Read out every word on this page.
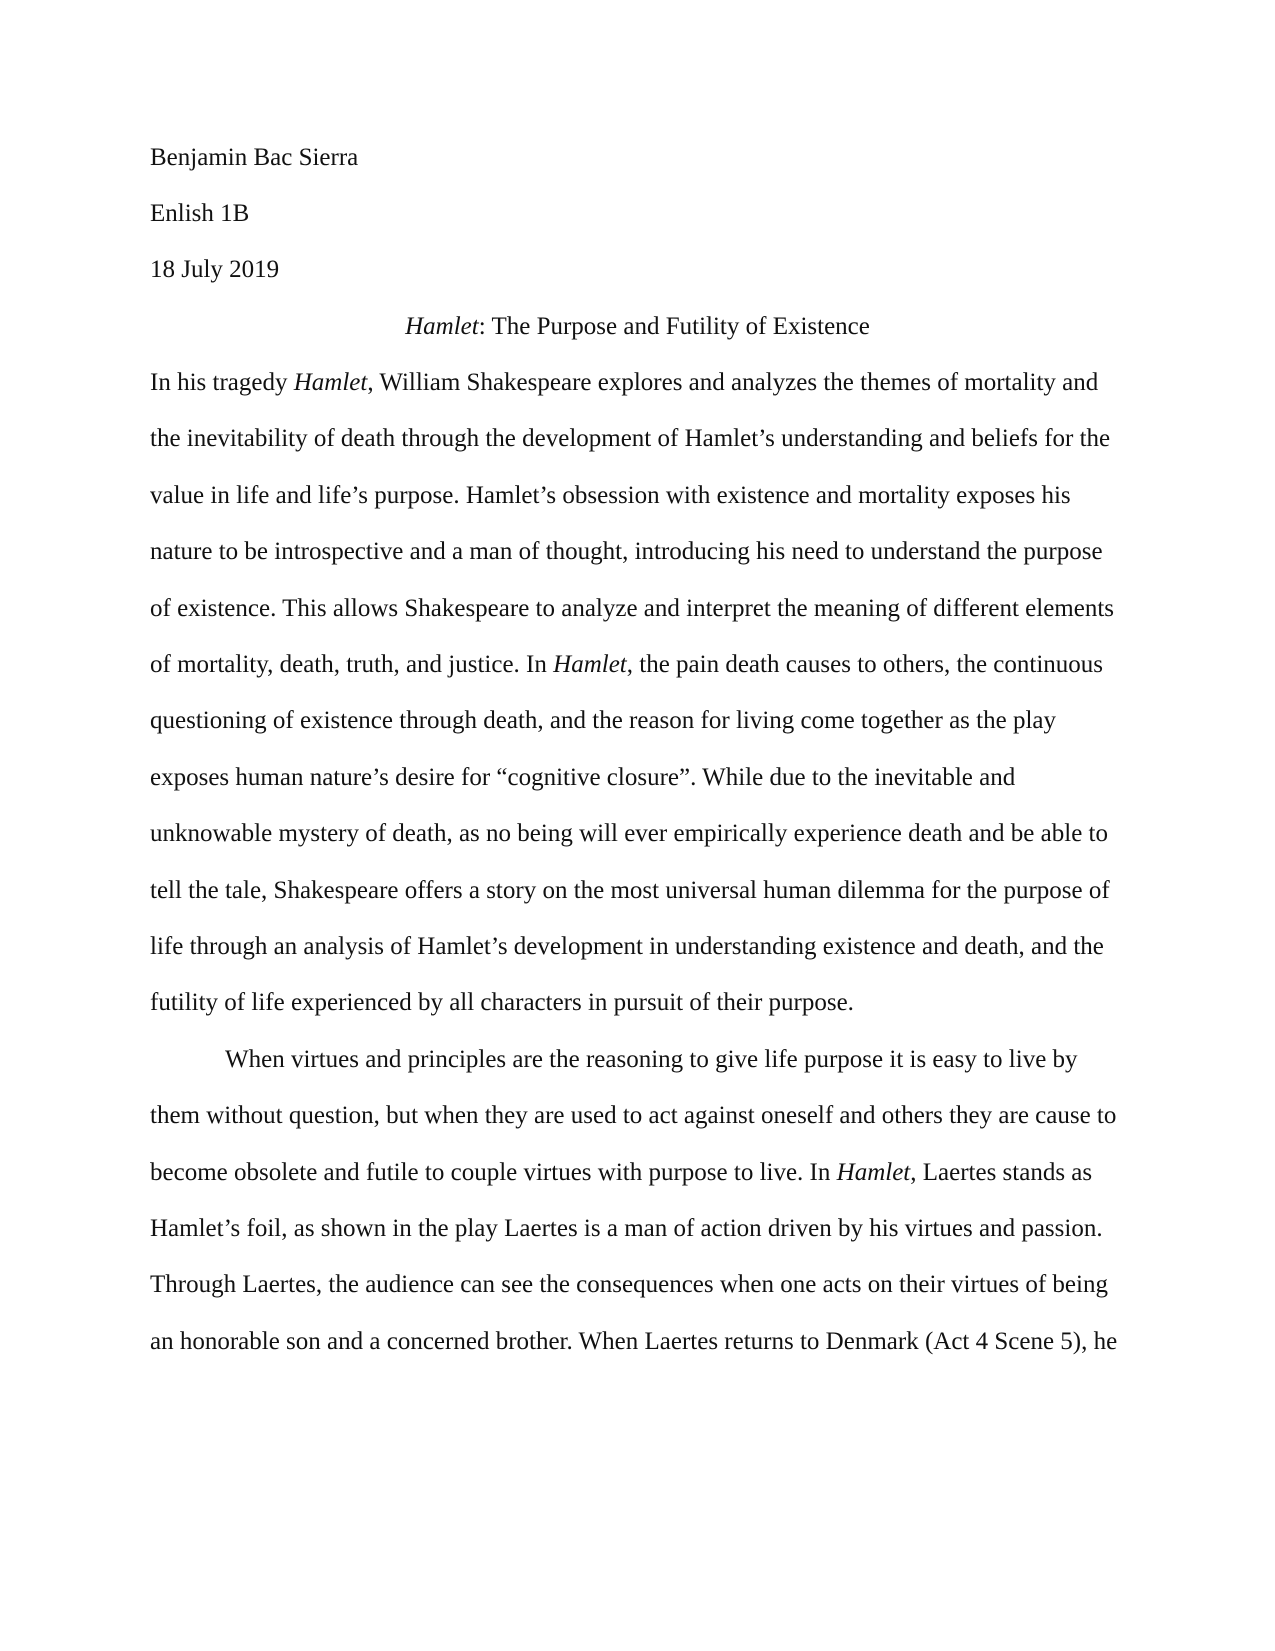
Benjamin Bac Sierra

Enlish 1B

18 July 2019

Hamlet: The Purpose and Futility of Existence

In his tragedy Hamlet, William Shakespeare explores and analyzes the themes of mortality and

the inevitability of death through the development of Hamlet’s understanding and beliefs for the

value in life and life’s purpose. Hamlet’s obsession with existence and mortality exposes his

nature to be introspective and a man of thought, introducing his need to understand the purpose

of existence. This allows Shakespeare to analyze and interpret the meaning of different elements

of mortality, death, truth, and justice. In Hamlet, the pain death causes to others, the continuous

questioning of existence through death, and the reason for living come together as the play

exposes human nature’s desire for “cognitive closure”. While due to the inevitable and

unknowable mystery of death, as no being will ever empirically experience death and be able to

tell the tale, Shakespeare offers a story on the most universal human dilemma for the purpose of

life through an analysis of Hamlet’s development in understanding existence and death, and the

futility of life experienced by all characters in pursuit of their purpose.

When virtues and principles are the reasoning to give life purpose it is easy to live by

them without question, but when they are used to act against oneself and others they are cause to

become obsolete and futile to couple virtues with purpose to live. In Hamlet, Laertes stands as

Hamlet’s foil, as shown in the play Laertes is a man of action driven by his virtues and passion.

Through Laertes, the audience can see the consequences when one acts on their virtues of being

an honorable son and a concerned brother. When Laertes returns to Denmark (Act 4 Scene 5), he
